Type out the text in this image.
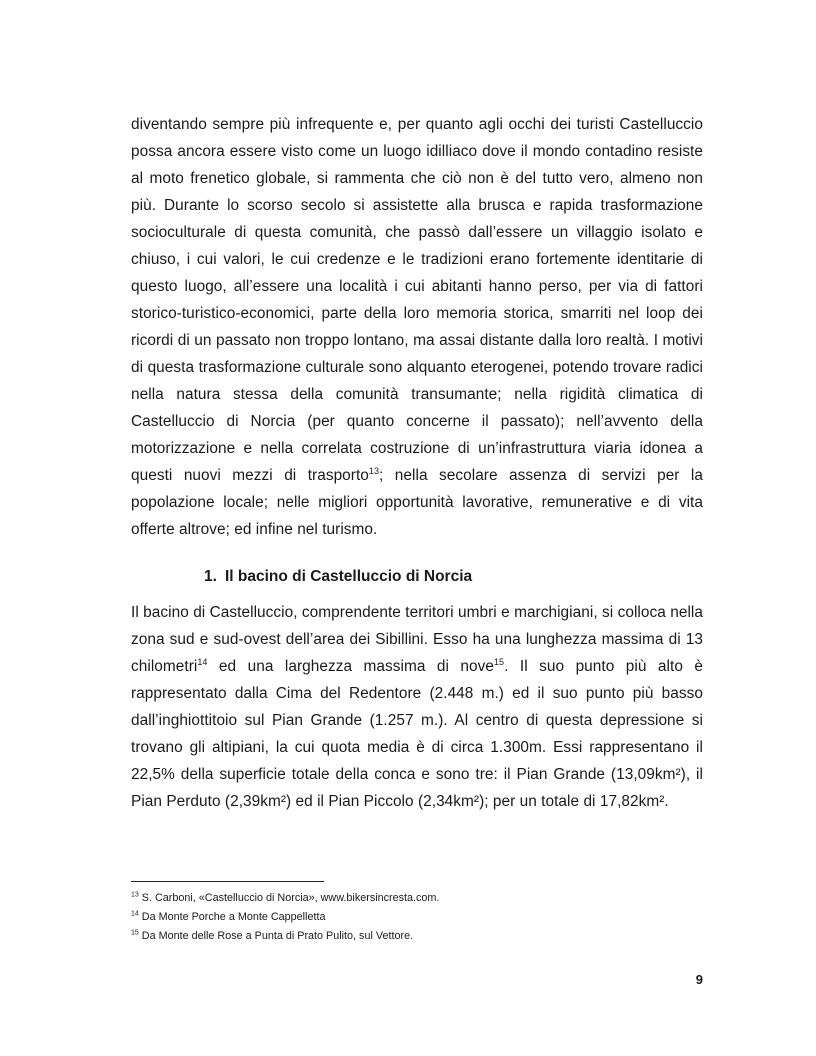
diventando sempre più infrequente e, per quanto agli occhi dei turisti Castelluccio possa ancora essere visto come un luogo idilliaco dove il mondo contadino resiste al moto frenetico globale, si rammenta che ciò non è del tutto vero, almeno non più. Durante lo scorso secolo si assistette alla brusca e rapida trasformazione socioculturale di questa comunità, che passò dall’essere un villaggio isolato e chiuso, i cui valori, le cui credenze e le tradizioni erano fortemente identitarie di questo luogo, all’essere una località i cui abitanti hanno perso, per via di fattori storico-turistico-economici, parte della loro memoria storica, smarriti nel loop dei ricordi di un passato non troppo lontano, ma assai distante dalla loro realtà. I motivi di questa trasformazione culturale sono alquanto eterogenei, potendo trovare radici nella natura stessa della comunità transumante; nella rigidità climatica di Castelluccio di Norcia (per quanto concerne il passato); nell’avvento della motorizzazione e nella correlata costruzione di un’infrastruttura viaria idonea a questi nuovi mezzi di trasporto$^{13}$; nella secolare assenza di servizi per la popolazione locale; nelle migliori opportunità lavorative, remunerative e di vita offerte altrove; ed infine nel turismo.

1. Il bacino di Castelluccio di Norcia

Il bacino di Castelluccio, comprendente territori umbri e marchigiani, si colloca nella zona sud e sud-ovest dell’area dei Sibillini. Esso ha una lunghezza massima di 13 chilometri$^{14}$ ed una larghezza massima di nove$^{15}$. Il suo punto più alto è rappresentato dalla Cima del Redentore (2.448 m.) ed il suo punto più basso dall’inghiottitoio sul Pian Grande (1.257 m.). Al centro di questa depressione si trovano gli altipiani, la cui quota media è di circa 1.300m. Essi rappresentano il 22,5% della superficie totale della conca e sono tre: il Pian Grande (13,09km²), il Pian Perduto (2,39km²) ed il Pian Piccolo (2,34km²); per un totale di 17,82km².

$^{13}$ S. Carboni, «Castelluccio di Norcia», www.bikersincresta.com.
$^{14}$ Da Monte Porche a Monte Cappelletta
$^{15}$ Da Monte delle Rose a Punta di Prato Pulito, sul Vettore.
9
